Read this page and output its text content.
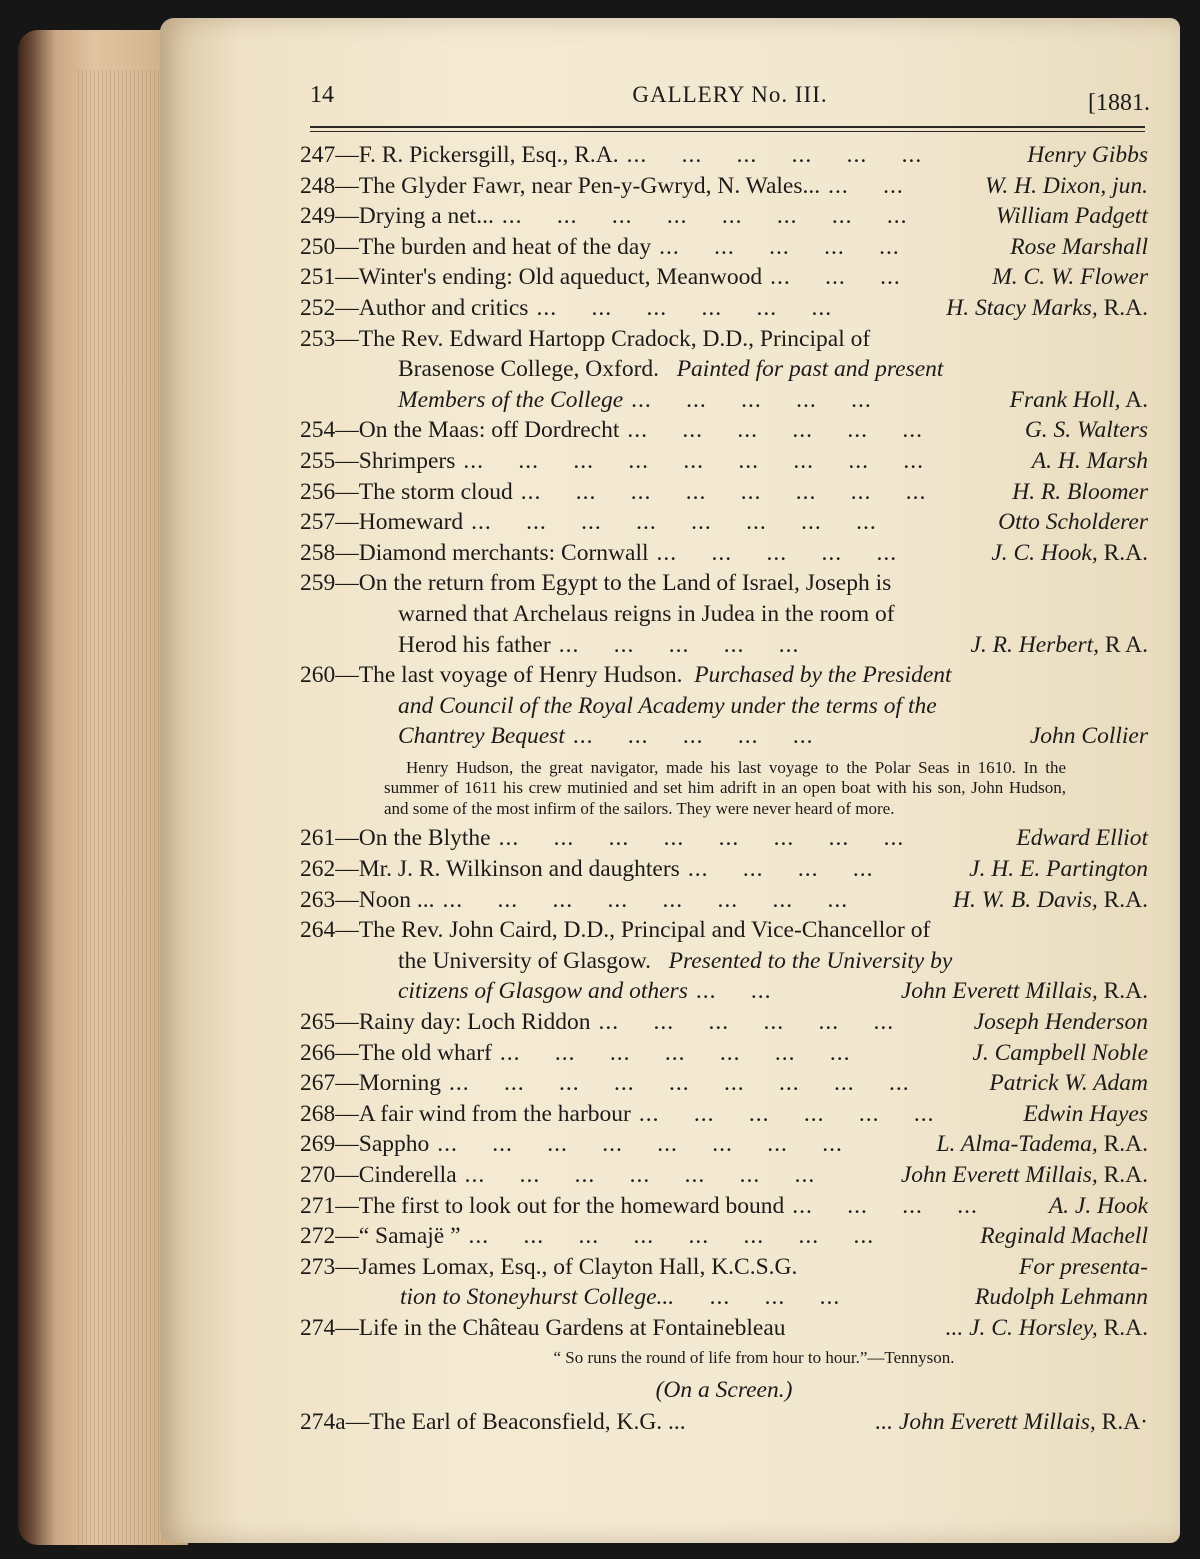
14	GALLERY No. III.	[1881.
247—F. R. Pickersgill, Esq., R.A. ...     ...     ...     ...     ...     ...	Henry Gibbs
248—The Glyder Fawr, near Pen-y-Gwryd, N. Wales... ...     ...	W. H. Dixon, jun.
249—Drying a net... ...     ...     ...     ...     ...     ...     ...     ...	William Padgett
250—The burden and heat of the day ...     ...     ...     ...     ...	Rose Marshall
251—Winter's ending: Old aqueduct, Meanwood ...     ...     ...	M. C. W. Flower
252—Author and critics ...     ...     ...     ...     ...     ...	H. Stacy Marks, R.A.
253—The Rev. Edward Hartopp Cradock, D.D., Principal of
Brasenose College, Oxford. Painted for past and present
Members of the College ...     ...     ...     ...     ...	Frank Holl, A.
254—On the Maas: off Dordrecht ...     ...     ...     ...     ...     ...	G. S. Walters
255—Shrimpers ...     ...     ...     ...     ...     ...     ...     ...     ...	A. H. Marsh
256—The storm cloud ...     ...     ...     ...     ...     ...     ...     ...	H. R. Bloomer
257—Homeward ...     ...     ...     ...     ...     ...     ...     ...	Otto Scholderer
258—Diamond merchants: Cornwall ...     ...     ...     ...     ...	J. C. Hook, R.A.
259—On the return from Egypt to the Land of Israel, Joseph is
warned that Archelaus reigns in Judea in the room of
Herod his father ...     ...     ...     ...     ...	J. R. Herbert, R A.
260—The last voyage of Henry Hudson. Purchased by the President
and Council of the Royal Academy under the terms of the
Chantrey Bequest ...     ...     ...     ...     ...	John Collier
Henry Hudson, the great navigator, made his last voyage to the Polar Seas in 1610. In the summer of 1611 his crew mutinied and set him adrift in an open boat with his son, John Hudson, and some of the most infirm of the sailors. They were never heard of more.
261—On the Blythe ...     ...     ...     ...     ...     ...     ...     ...	Edward Elliot
262—Mr. J. R. Wilkinson and daughters ...     ...     ...     ...	J. H. E. Partington
263—Noon ... ...     ...     ...     ...     ...     ...     ...     ...	H. W. B. Davis, R.A.
264—The Rev. John Caird, D.D., Principal and Vice-Chancellor of
the University of Glasgow. Presented to the University by
citizens of Glasgow and others ...     ...	John Everett Millais, R.A.
265—Rainy day: Loch Riddon ...     ...     ...     ...     ...     ...	Joseph Henderson
266—The old wharf ...     ...     ...     ...     ...     ...     ...	J. Campbell Noble
267—Morning ...     ...     ...     ...     ...     ...     ...     ...     ...	Patrick W. Adam
268—A fair wind from the harbour ...     ...     ...     ...     ...     ...	Edwin Hayes
269—Sappho ...     ...     ...     ...     ...     ...     ...     ...	L. Alma-Tadema, R.A.
270—Cinderella ...     ...     ...     ...     ...     ...     ...	John Everett Millais, R.A.
271—The first to look out for the homeward bound ...     ...     ...     ...	A. J. Hook
272—“ Samajë ” ...     ...     ...     ...     ...     ...     ...     ...	Reginald Machell
273—James Lomax, Esq., of Clayton Hall, K.C.S.G.	For presenta-
tion to Stoneyhurst College...    ...     ...     ...	Rudolph Lehmann
274—Life in the Château Gardens at Fontainebleau	... J. C. Horsley, R.A.
“ So runs the round of life from hour to hour.”—Tennyson.
(On a Screen.)
274a—The Earl of Beaconsfield, K.G. ...	... John Everett Millais, R.A·
